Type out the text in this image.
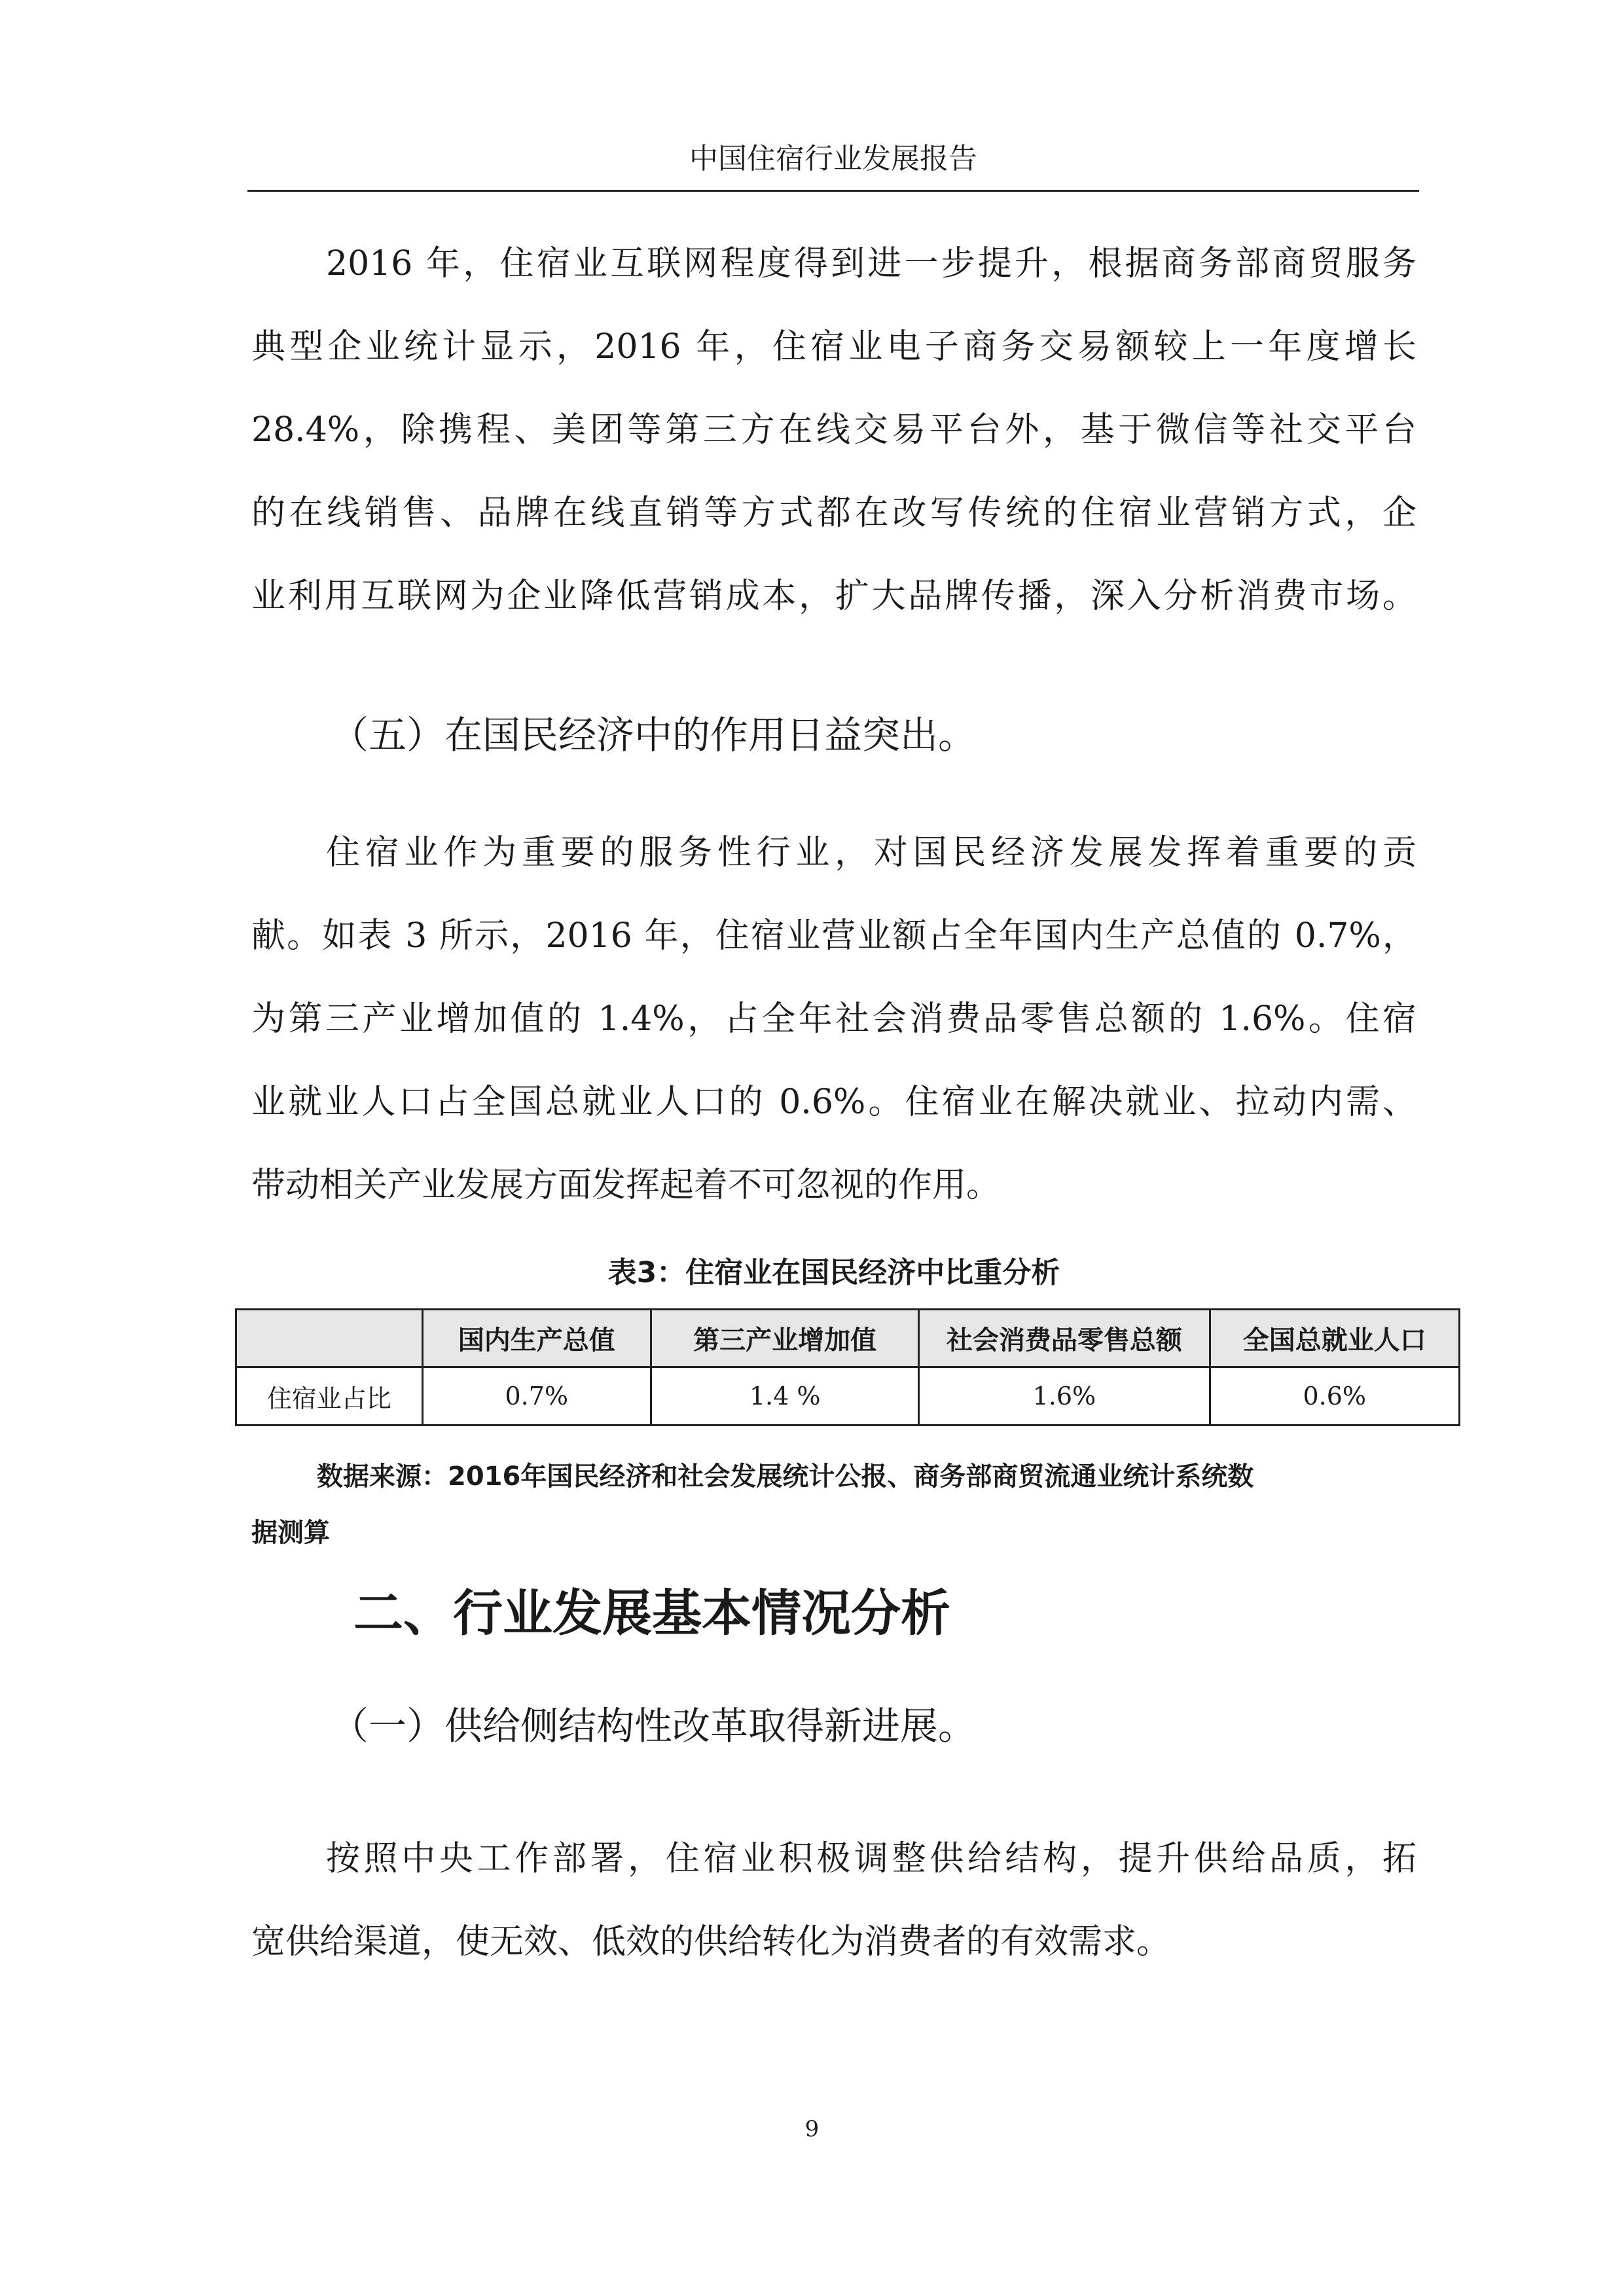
中国住宿行业发展报告
2016 年，住宿业互联网程度得到进一步提升，根据商务部商贸服务
典型企业统计显示，2016 年，住宿业电子商务交易额较上一年度增长
28.4%，除携程、美团等第三方在线交易平台外，基于微信等社交平台
的在线销售、品牌在线直销等方式都在改写传统的住宿业营销方式，企
业利用互联网为企业降低营销成本，扩大品牌传播，深入分析消费市场。
（五）在国民经济中的作用日益突出。
住宿业作为重要的服务性行业，对国民经济发展发挥着重要的贡
献。如表 3 所示，2016 年，住宿业营业额占全年国内生产总值的 0.7%，
为第三产业增加值的 1.4%，占全年社会消费品零售总额的 1.6%。住宿
业就业人口占全国总就业人口的 0.6%。住宿业在解决就业、拉动内需、
带动相关产业发展方面发挥起着不可忽视的作用。
表3：住宿业在国民经济中比重分析
	国内生产总值	第三产业增加值	社会消费品零售总额	全国总就业人口
住宿业占比	0.7%	1.4 %	1.6%	0.6%
数据来源：2016年国民经济和社会发展统计公报、商务部商贸流通业统计系统数
据测算
二、行业发展基本情况分析
（一）供给侧结构性改革取得新进展。
按照中央工作部署，住宿业积极调整供给结构，提升供给品质，拓
宽供给渠道，使无效、低效的供给转化为消费者的有效需求。
9
